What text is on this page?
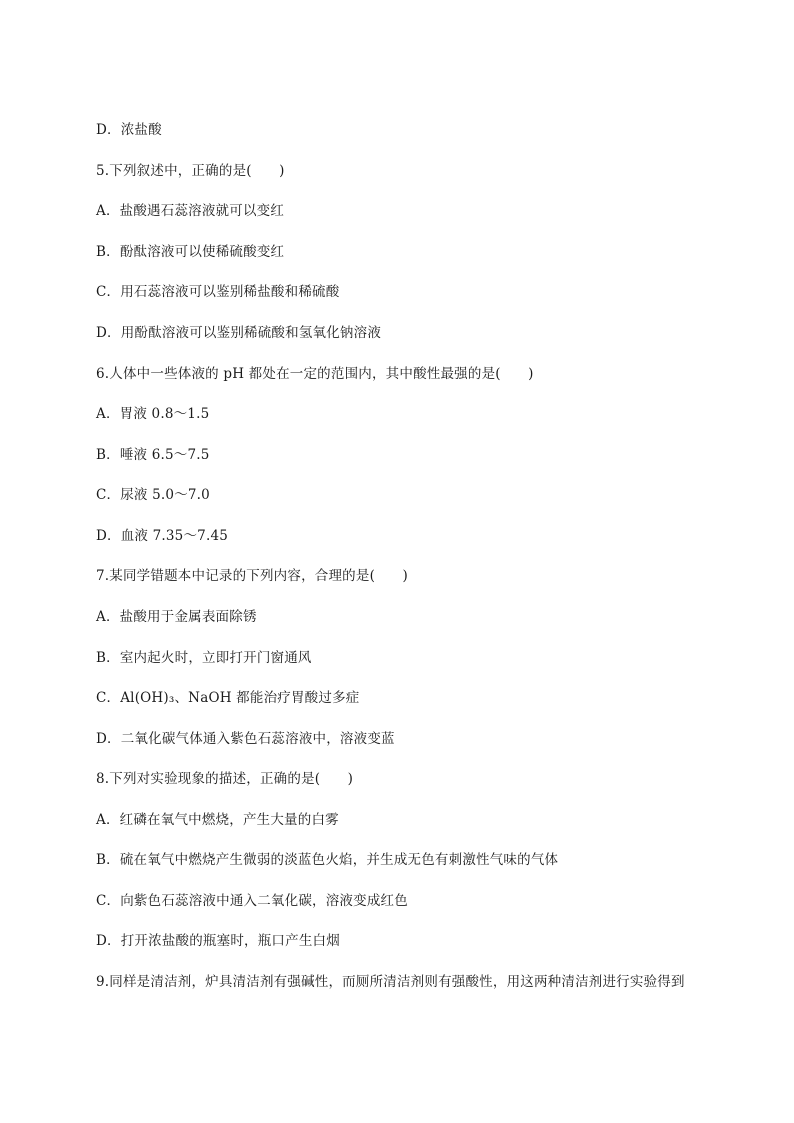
D．浓盐酸
5.下列叙述中，正确的是(　　)
A．盐酸遇石蕊溶液就可以变红
B．酚酞溶液可以使稀硫酸变红
C．用石蕊溶液可以鉴别稀盐酸和稀硫酸
D．用酚酞溶液可以鉴别稀硫酸和氢氧化钠溶液
6.人体中一些体液的 pH 都处在一定的范围内，其中酸性最强的是(　　)
A．胃液 0.8～1.5
B．唾液 6.5～7.5
C．尿液 5.0～7.0
D．血液 7.35～7.45
7.某同学错题本中记录的下列内容，合理的是(　　)
A．盐酸用于金属表面除锈
B．室内起火时，立即打开门窗通风
C．Al(OH)₃、NaOH 都能治疗胃酸过多症
D．二氧化碳气体通入紫色石蕊溶液中，溶液变蓝
8.下列对实验现象的描述，正确的是(　　)
A．红磷在氧气中燃烧，产生大量的白雾
B．硫在氧气中燃烧产生微弱的淡蓝色火焰，并生成无色有刺激性气味的气体
C．向紫色石蕊溶液中通入二氧化碳，溶液变成红色
D．打开浓盐酸的瓶塞时，瓶口产生白烟
9.同样是清洁剂，炉具清洁剂有强碱性，而厕所清洁剂则有强酸性，用这两种清洁剂进行实验得到
